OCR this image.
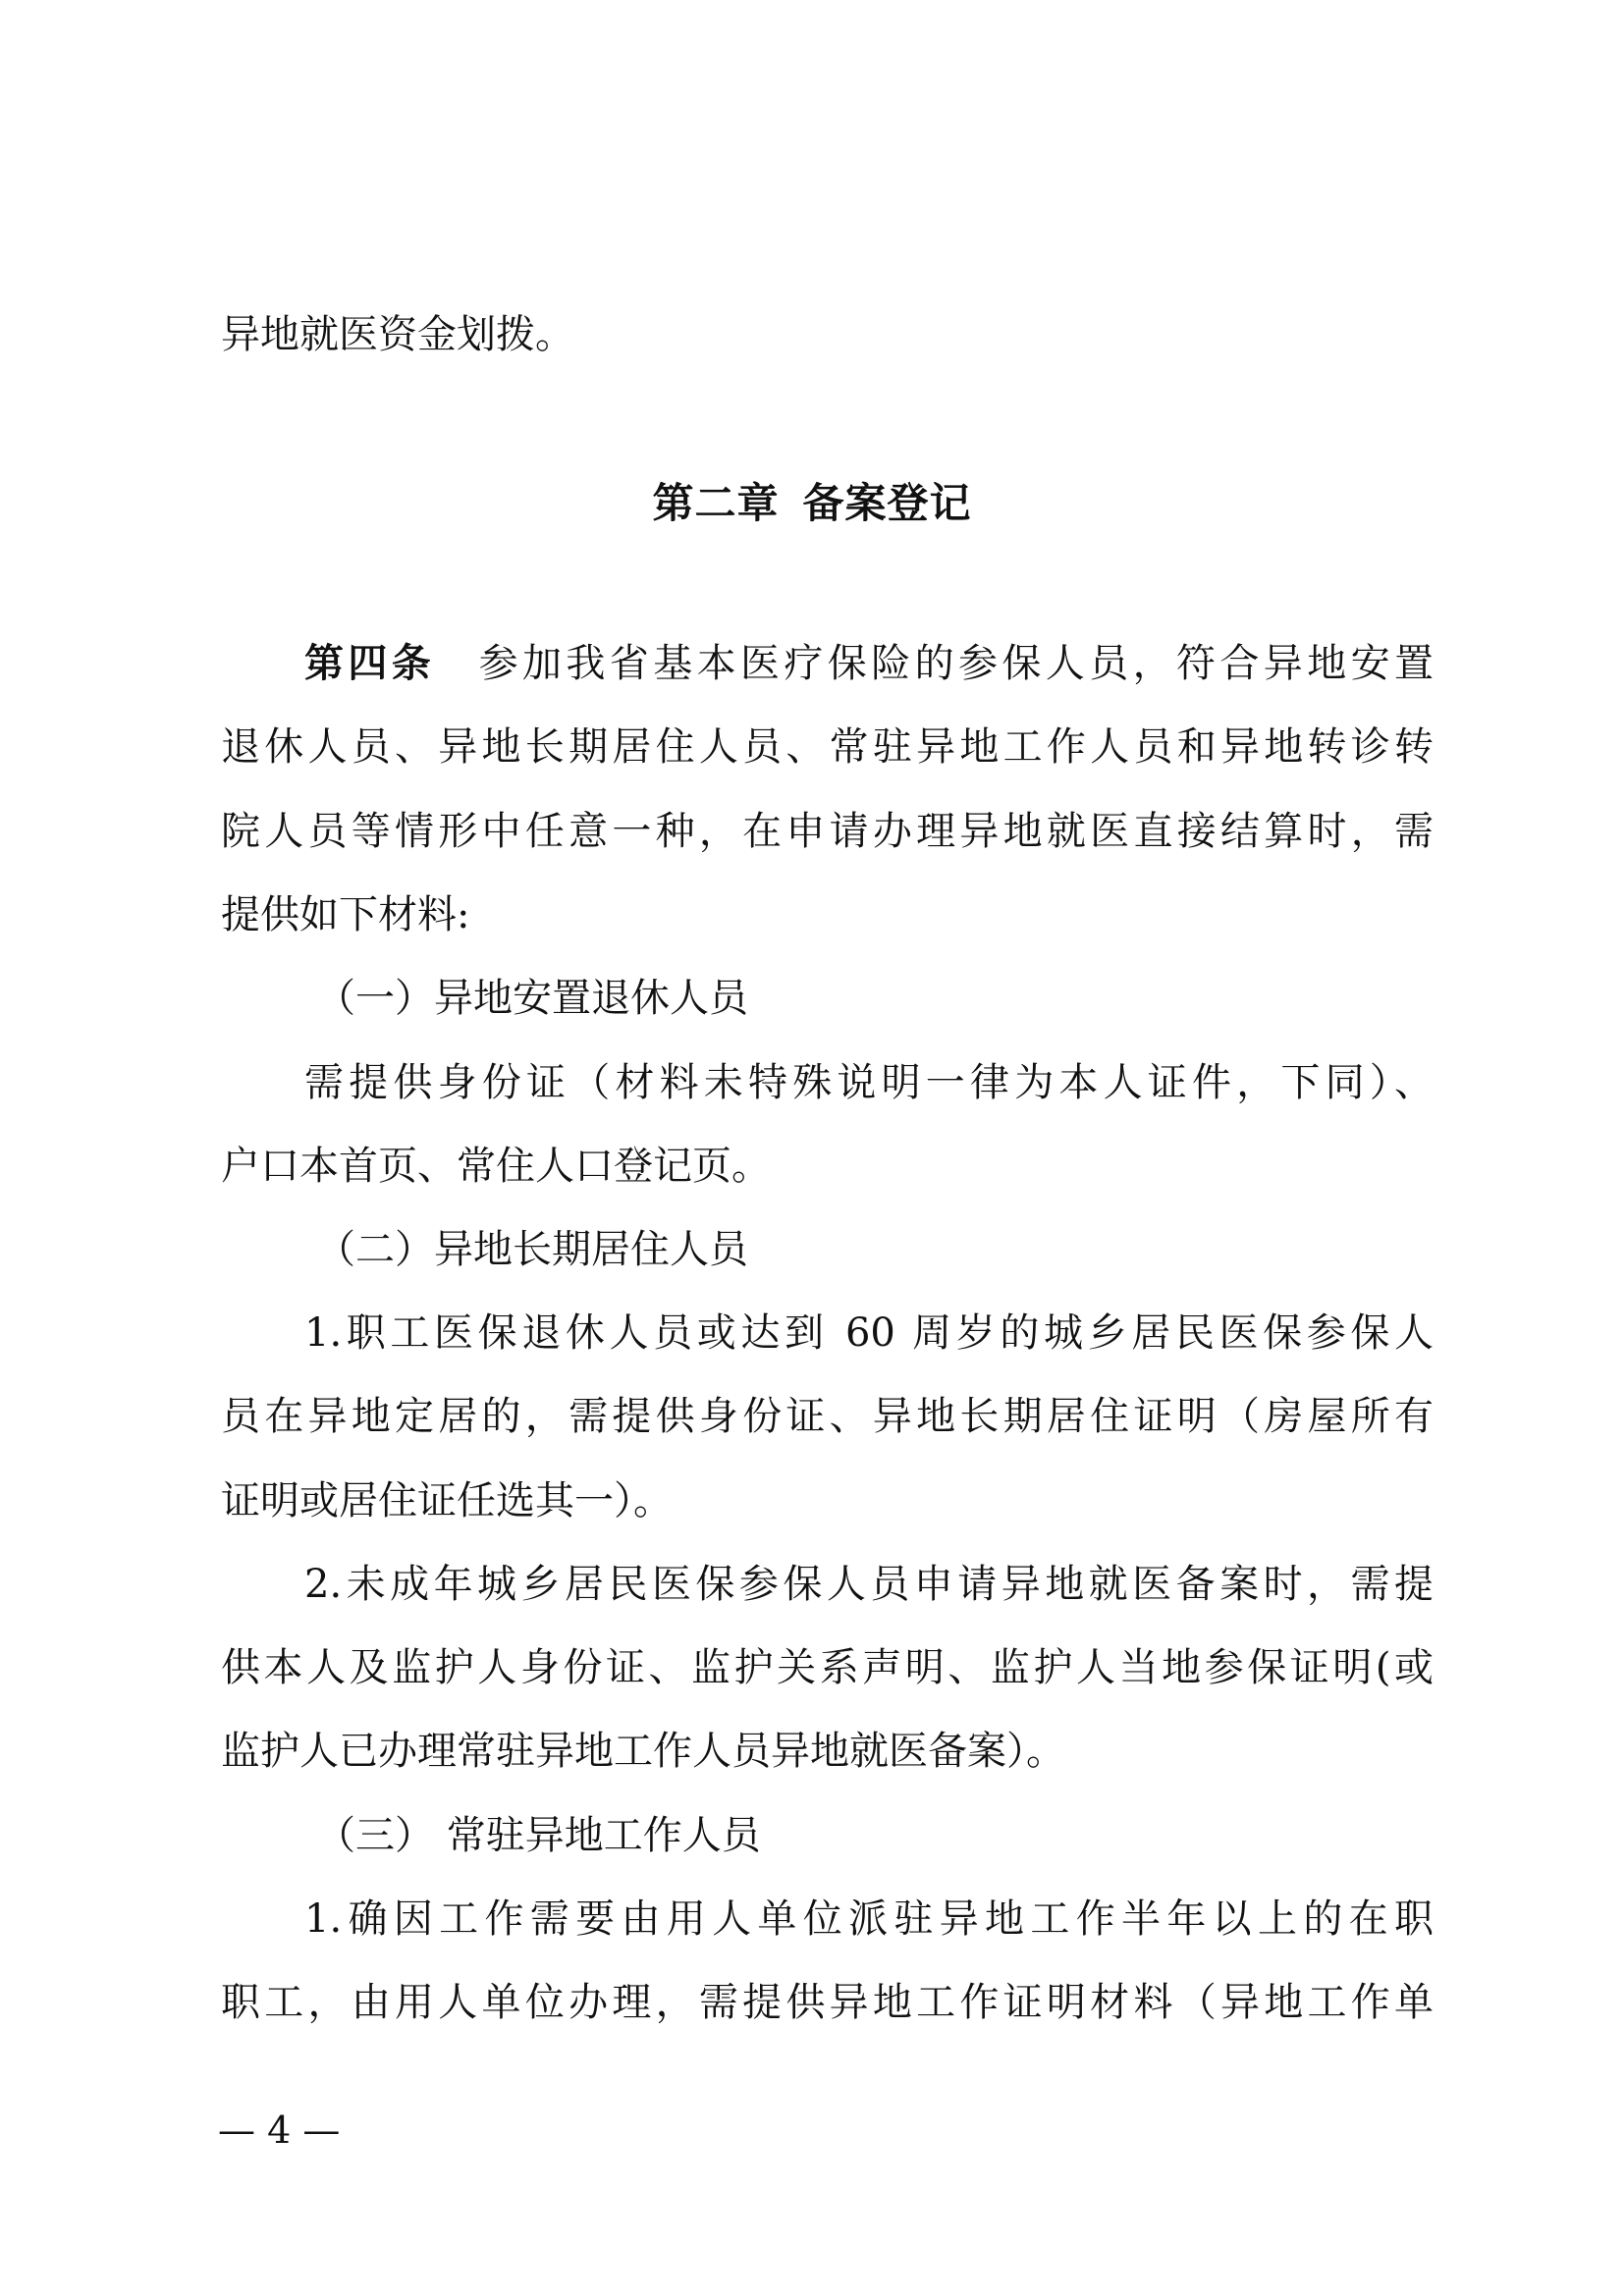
异地就医资金划拨。
第二章 备案登记
第四条　 参加我省基本医疗保险的参保人员，符合异地安置
退休人员、异地长期居住人员、常驻异地工作人员和异地转诊转
院人员等情形中任意一种，在申请办理异地就医直接结算时，需
提供如下材料:
（一）异地安置退休人员
需提供身份证（材料未特殊说明一律为本人证件，下同）、
户口本首页、常住人口登记页。
（二）异地长期居住人员
1.职工医保退休人员或达到 60 周岁的城乡居民医保参保人
员在异地定居的，需提供身份证、异地长期居住证明（房屋所有
证明或居住证任选其一）。
2.未成年城乡居民医保参保人员申请异地就医备案时，需提
供本人及监护人身份证、监护关系声明、监护人当地参保证明(或
监护人已办理常驻异地工作人员异地就医备案）。
（三） 常驻异地工作人员
1.确因工作需要由用人单位派驻异地工作半年以上的在职
职工，由用人单位办理，需提供异地工作证明材料（异地工作单
— 4 —
